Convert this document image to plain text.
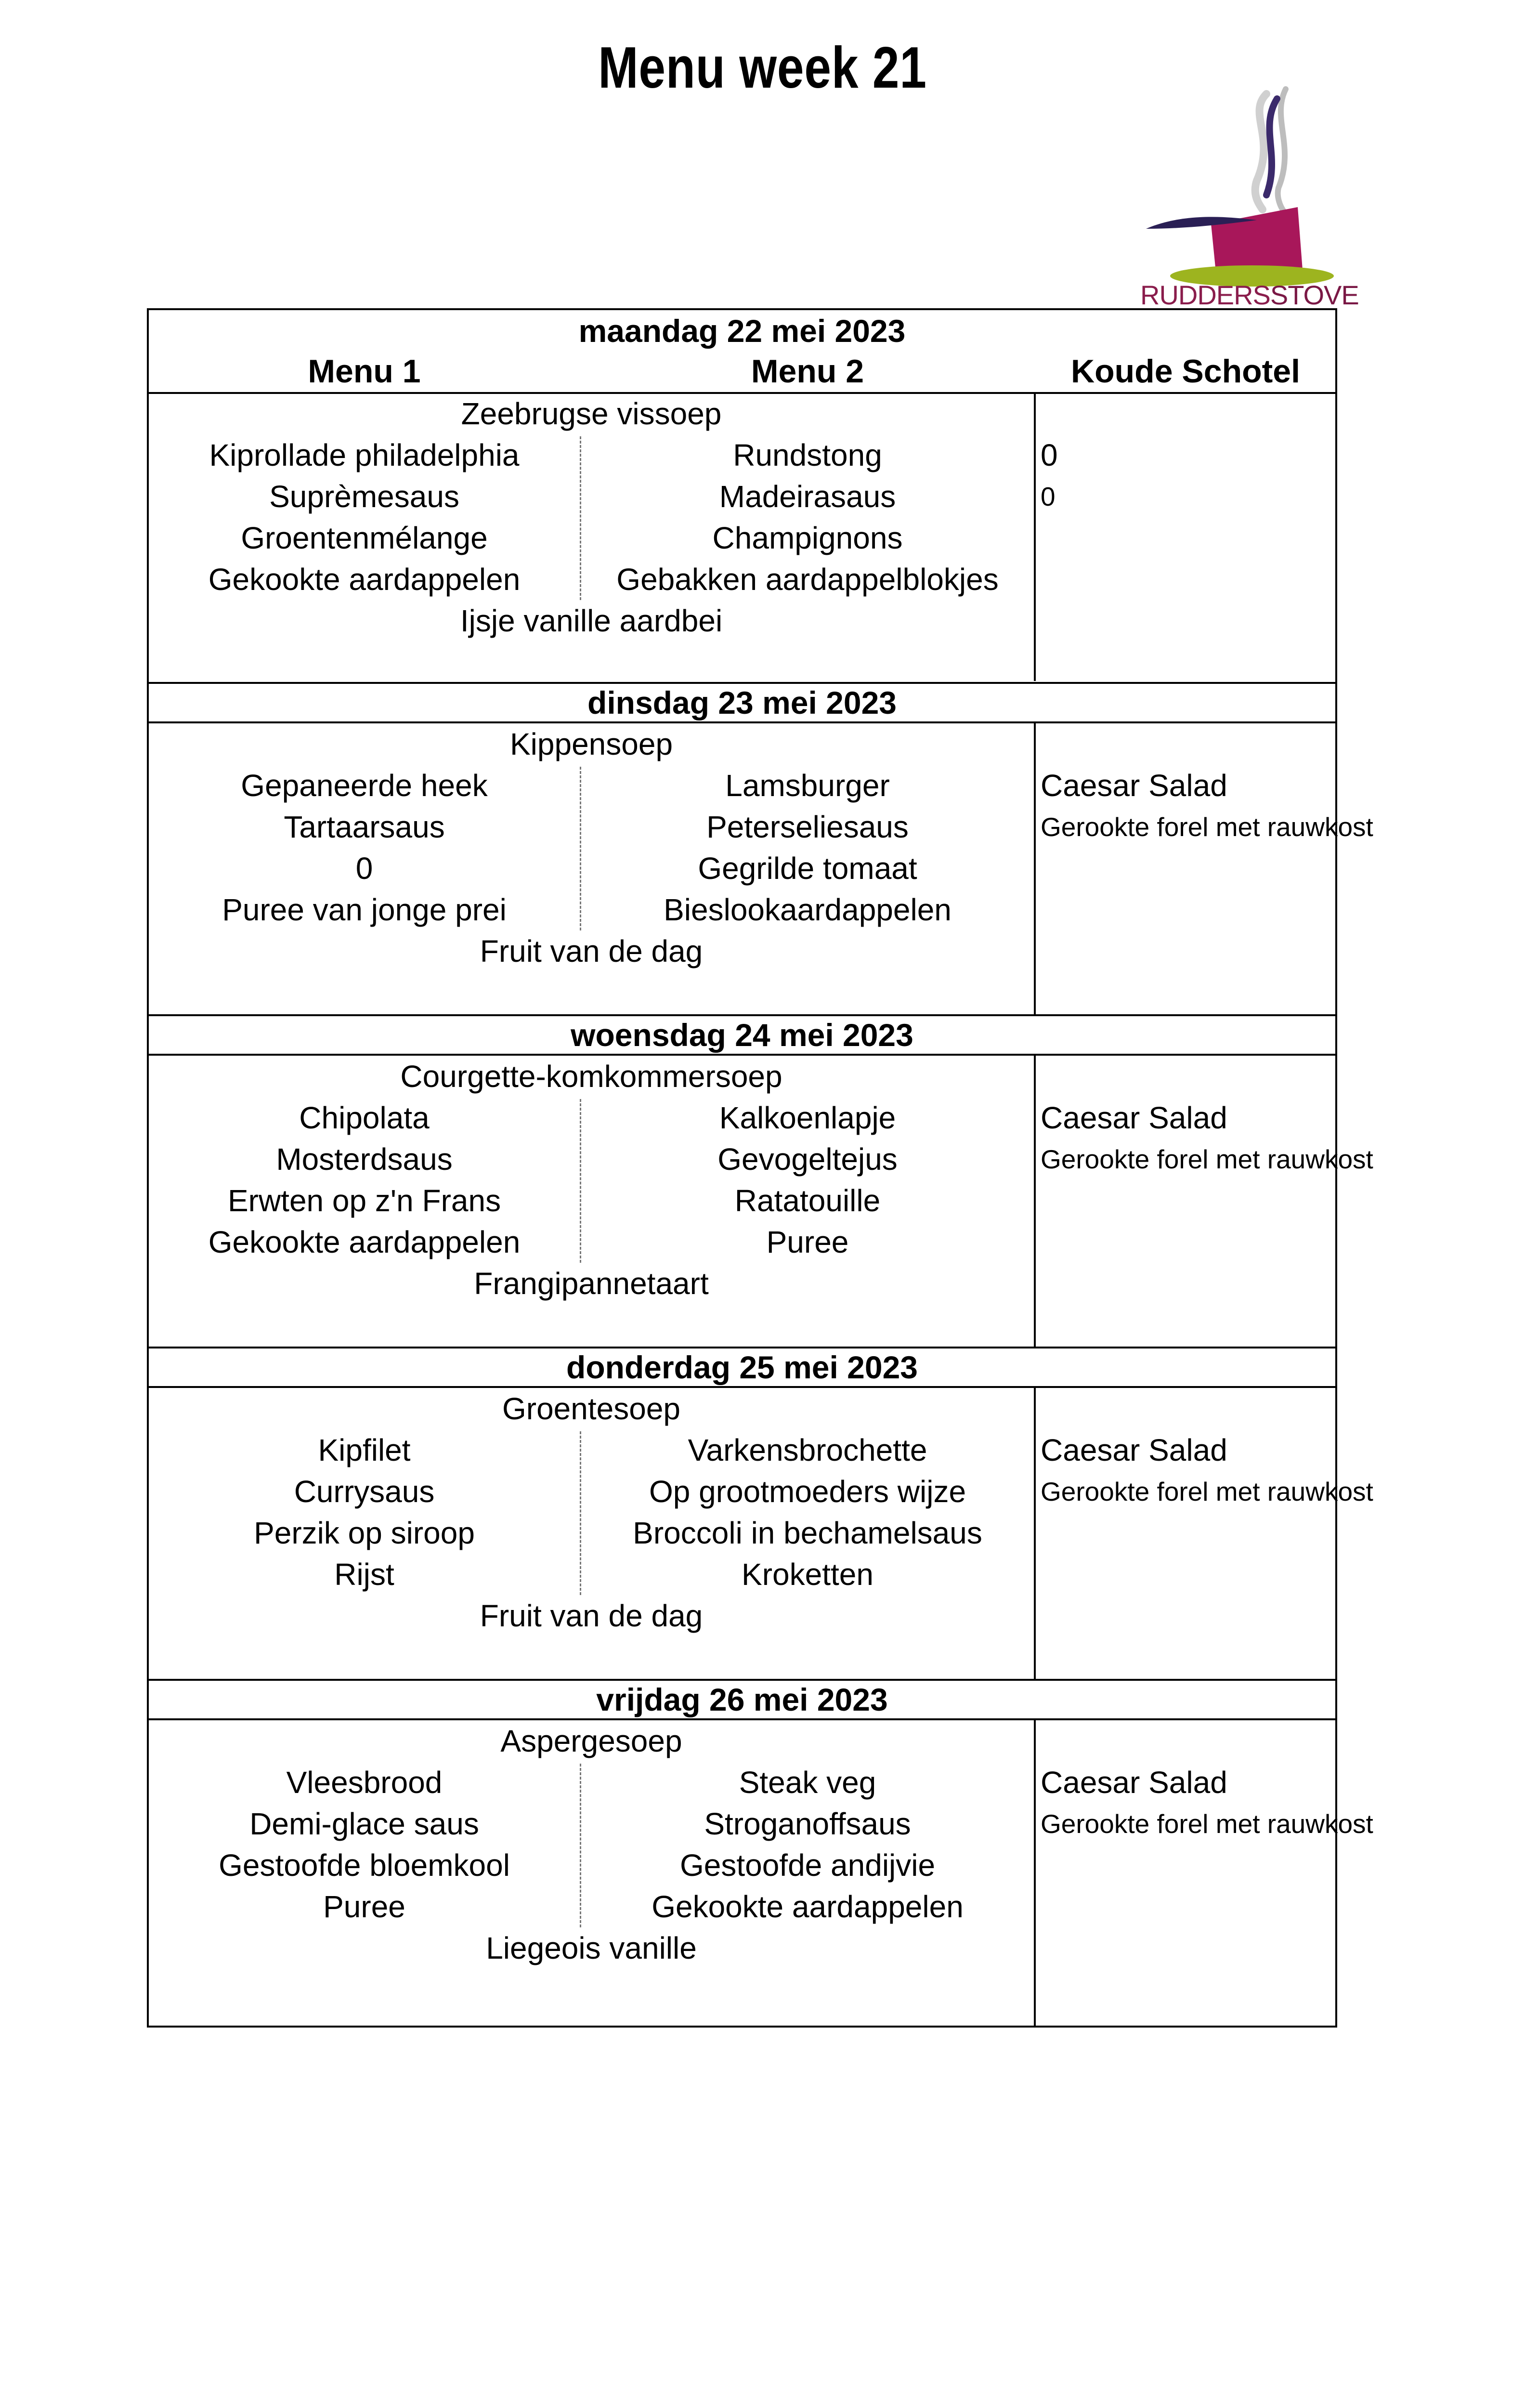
Menu week 21
RUDDERSSTOVE
maandag 22 mei 2023
Menu 1	Menu 2	Koude Schotel
Zeebrugse vissoep
Kiprollade philadelphia
Suprèmesaus
Groentenmélange
Gekookte aardappelen
Rundstong
Madeirasaus
Champignons
Gebakken aardappelblokjes
Ijsje vanille aardbei
0
0
dinsdag 23 mei 2023
Kippensoep
Gepaneerde heek
Tartaarsaus
0
Puree van jonge prei
Lamsburger
Peterseliesaus
Gegrilde tomaat
Bieslookaardappelen
Fruit van de dag
Caesar Salad
Gerookte forel met rauwkost
woensdag 24 mei 2023
Courgette-komkommersoep
Chipolata
Mosterdsaus
Erwten op z'n Frans
Gekookte aardappelen
Kalkoenlapje
Gevogeltejus
Ratatouille
Puree
Frangipannetaart
Caesar Salad
Gerookte forel met rauwkost
donderdag 25 mei 2023
Groentesoep
Kipfilet
Currysaus
Perzik op siroop
Rijst
Varkensbrochette
Op grootmoeders wijze
Broccoli in bechamelsaus
Kroketten
Fruit van de dag
Caesar Salad
Gerookte forel met rauwkost
vrijdag 26 mei 2023
Aspergesoep
Vleesbrood
Demi-glace saus
Gestoofde bloemkool
Puree
Steak veg
Stroganoffsaus
Gestoofde andijvie
Gekookte aardappelen
Liegeois vanille
Caesar Salad
Gerookte forel met rauwkost
